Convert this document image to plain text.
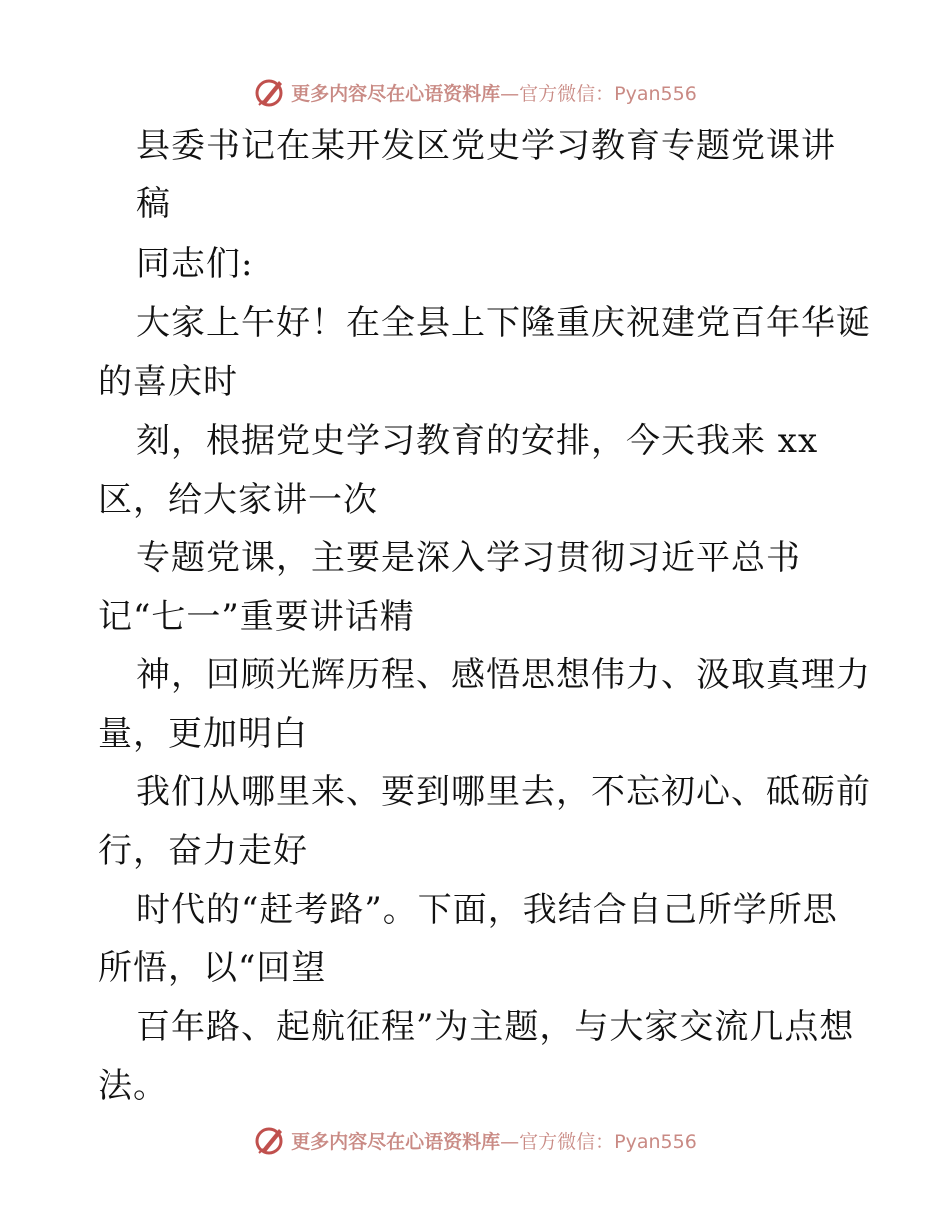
更多内容尽在心语资料库 —官方微信：Pyan556
县委书记在某开发区党史学习教育专题党课讲
稿
同志们:
大家上午好！在全县上下隆重庆祝建党百年华诞
的喜庆时
刻，根据党史学习教育的安排，今天我来 xx
区，给大家讲一次
专题党课，主要是深入学习贯彻习近平总书
记“七一”重要讲话精
神，回顾光辉历程、感悟思想伟力、汲取真理力
量，更加明白
我们从哪里来、要到哪里去，不忘初心、砥砺前
行，奋力走好
时代的“赶考路”。下面，我结合自己所学所思
所悟，以“回望
百年路、起航征程”为主题，与大家交流几点想
法。
更多内容尽在心语资料库 —官方微信：Pyan556
